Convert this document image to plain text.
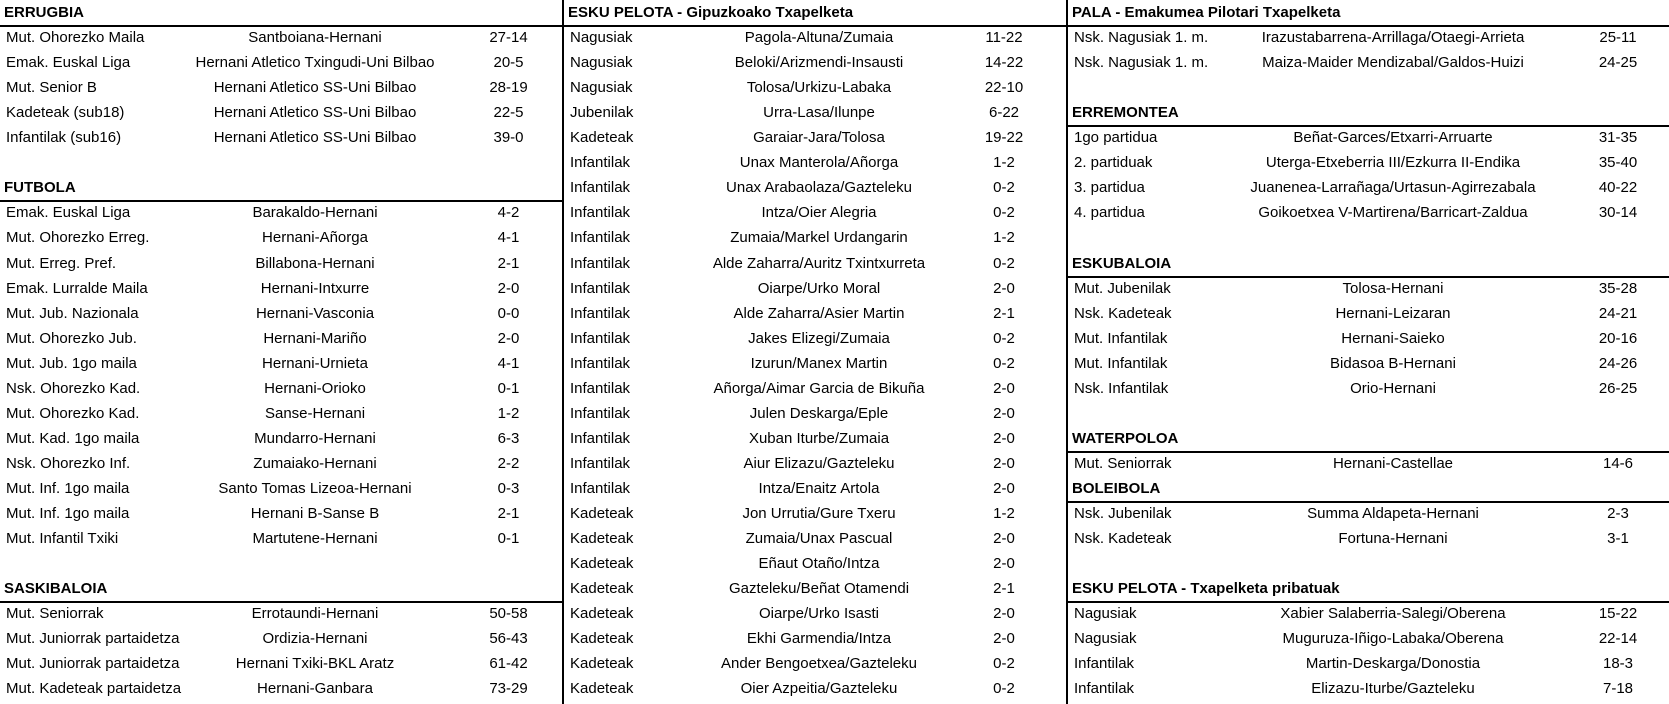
ERRUGBIA
Mut. Ohorezko Maila	Santboiana-Hernani	27-14
Emak. Euskal Liga	Hernani Atletico Txingudi-Uni Bilbao	20-5
Mut. Senior B	Hernani Atletico SS-Uni Bilbao	28-19
Kadeteak (sub18)	Hernani Atletico SS-Uni Bilbao	22-5
Infantilak (sub16)	Hernani Atletico SS-Uni Bilbao	39-0
FUTBOLA
Emak. Euskal Liga	Barakaldo-Hernani	4-2
Mut. Ohorezko Erreg.	Hernani-Añorga	4-1
Mut. Erreg. Pref.	Billabona-Hernani	2-1
Emak. Lurralde Maila	Hernani-Intxurre	2-0
Mut. Jub. Nazionala	Hernani-Vasconia	0-0
Mut. Ohorezko Jub.	Hernani-Mariño	2-0
Mut. Jub. 1go maila	Hernani-Urnieta	4-1
Nsk. Ohorezko Kad.	Hernani-Orioko	0-1
Mut. Ohorezko Kad.	Sanse-Hernani	1-2
Mut. Kad. 1go maila	Mundarro-Hernani	6-3
Nsk. Ohorezko Inf.	Zumaiako-Hernani	2-2
Mut. Inf. 1go maila	Santo Tomas Lizeoa-Hernani	0-3
Mut. Inf. 1go maila	Hernani B-Sanse B	2-1
Mut. Infantil Txiki	Martutene-Hernani	0-1
SASKIBALOIA
Mut. Seniorrak	Errotaundi-Hernani	50-58
Mut. Juniorrak partaidetza	Ordizia-Hernani	56-43
Mut. Juniorrak partaidetza	Hernani Txiki-BKL Aratz	61-42
Mut. Kadeteak partaidetza	Hernani-Ganbara	73-29
ESKU PELOTA - Gipuzkoako Txapelketa
Nagusiak	Pagola-Altuna/Zumaia	11-22
Nagusiak	Beloki/Arizmendi-Insausti	14-22
Nagusiak	Tolosa/Urkizu-Labaka	22-10
Jubenilak	Urra-Lasa/Ilunpe	6-22
Kadeteak	Garaiar-Jara/Tolosa	19-22
Infantilak	Unax Manterola/Añorga	1-2
Infantilak	Unax Arabaolaza/Gazteleku	0-2
Infantilak	Intza/Oier Alegria	0-2
Infantilak	Zumaia/Markel Urdangarin	1-2
Infantilak	Alde Zaharra/Auritz Txintxurreta	0-2
Infantilak	Oiarpe/Urko Moral	2-0
Infantilak	Alde Zaharra/Asier Martin	2-1
Infantilak	Jakes Elizegi/Zumaia	0-2
Infantilak	Izurun/Manex Martin	0-2
Infantilak	Añorga/Aimar Garcia de Bikuña	2-0
Infantilak	Julen Deskarga/Eple	2-0
Infantilak	Xuban Iturbe/Zumaia	2-0
Infantilak	Aiur Elizazu/Gazteleku	2-0
Infantilak	Intza/Enaitz Artola	2-0
Kadeteak	Jon Urrutia/Gure Txeru	1-2
Kadeteak	Zumaia/Unax Pascual	2-0
Kadeteak	Eñaut Otaño/Intza	2-0
Kadeteak	Gazteleku/Beñat Otamendi	2-1
Kadeteak	Oiarpe/Urko Isasti	2-0
Kadeteak	Ekhi Garmendia/Intza	2-0
Kadeteak	Ander Bengoetxea/Gazteleku	0-2
Kadeteak	Oier Azpeitia/Gazteleku	0-2
PALA - Emakumea Pilotari Txapelketa
Nsk. Nagusiak 1. m.	Irazustabarrena-Arrillaga/Otaegi-Arrieta	25-11
Nsk. Nagusiak 1. m.	Maiza-Maider Mendizabal/Galdos-Huizi	24-25
ERREMONTEA
1go partidua	Beñat-Garces/Etxarri-Arruarte	31-35
2. partiduak	Uterga-Etxeberria III/Ezkurra II-Endika	35-40
3. partidua	Juanenea-Larrañaga/Urtasun-Agirrezabala	40-22
4. partidua	Goikoetxea V-Martirena/Barricart-Zaldua	30-14
ESKUBALOIA
Mut. Jubenilak	Tolosa-Hernani	35-28
Nsk. Kadeteak	Hernani-Leizaran	24-21
Mut. Infantilak	Hernani-Saieko	20-16
Mut. Infantilak	Bidasoa B-Hernani	24-26
Nsk. Infantilak	Orio-Hernani	26-25
WATERPOLOA
Mut. Seniorrak	Hernani-Castellae	14-6
BOLEIBOLA
Nsk. Jubenilak	Summa Aldapeta-Hernani	2-3
Nsk. Kadeteak	Fortuna-Hernani	3-1
ESKU PELOTA - Txapelketa pribatuak
Nagusiak	Xabier Salaberria-Salegi/Oberena	15-22
Nagusiak	Muguruza-Iñigo-Labaka/Oberena	22-14
Infantilak	Martin-Deskarga/Donostia	18-3
Infantilak	Elizazu-Iturbe/Gazteleku	7-18
